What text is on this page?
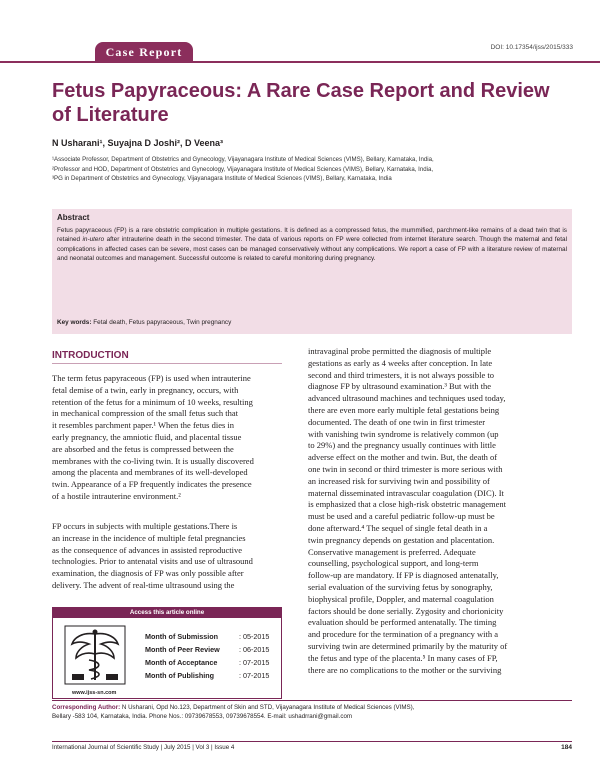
Case Report	DOI: 10.17354/ijss/2015/333
Fetus Papyraceous: A Rare Case Report and Review of Literature
N Usharani¹, Suyajna D Joshi², D Veena³
¹Associate Professor, Department of Obstetrics and Gynecology, Vijayanagara Institute of Medical Sciences (VIMS), Bellary, Karnataka, India,
²Professor and HOD, Department of Obstetrics and Gynecology, Vijayanagara Institute of Medical Sciences (VIMS), Bellary, Karnataka, India,
³PG in Department of Obstetrics and Gynecology, Vijayanagara Institute of Medical Sciences (VIMS), Bellary, Karnataka, India
Abstract
Fetus papyraceous (FP) is a rare obstetric complication in multiple gestations. It is defined as a compressed fetus, the mummified, parchment-like remains of a dead twin that is retained in-utero after intrauterine death in the second trimester. The data of various reports on FP were collected from internet literature search. Though the maternal and fetal complications in affected cases can be severe, most cases can be managed conservatively without any complications. We report a case of FP with a literature review of maternal and neonatal outcomes and management. Successful outcome is related to careful monitoring during pregnancy.
Key words: Fetal death, Fetus papyraceous, Twin pregnancy
INTRODUCTION
The term fetus papyraceous (FP) is used when intrauterine
fetal demise of a twin, early in pregnancy, occurs, with
retention of the fetus for a minimum of 10 weeks, resulting
in mechanical compression of the small fetus such that
it resembles parchment paper.¹ When the fetus dies in
early pregnancy, the amniotic fluid, and placental tissue
are absorbed and the fetus is compressed between the
membranes with the co-living twin. It is usually discovered
among the placenta and membranes of its well-developed
twin. Appearance of a FP frequently indicates the presence
of a hostile intrauterine environment.²
FP occurs in subjects with multiple gestations.There is
an increase in the incidence of multiple fetal pregnancies
as the consequence of advances in assisted reproductive
technologies. Prior to antenatal visits and use of ultrasound
examination, the diagnosis of FP was only possible after
delivery. The advent of real-time ultrasound using the
intravaginal probe permitted the diagnosis of multiple
gestations as early as 4 weeks after conception. In late
second and third trimesters, it is not always possible to
diagnose FP by ultrasound examination.³ But with the
advanced ultrasound machines and techniques used today,
there are even more early multiple fetal gestations being
documented. The death of one twin in first trimester
with vanishing twin syndrome is relatively common (up
to 29%) and the pregnancy usually continues with little
adverse effect on the mother and twin. But, the death of
one twin in second or third trimester is more serious with
an increased risk for surviving twin and possibility of
maternal disseminated intravascular coagulation (DIC). It
is emphasized that a close high-risk obstetric management
must be used and a careful pediatric follow-up must be
done afterward.⁴ The sequel of single fetal death in a
twin pregnancy depends on gestation and placentation.
Conservative management is preferred. Adequate
counselling, psychological support, and long-term
follow-up are mandatory. If FP is diagnosed antenatally,
serial evaluation of the surviving fetus by sonography,
biophysical profile, Doppler, and maternal coagulation
factors should be done serially. Zygosity and chorionicity
evaluation should be performed antenatally. The timing
and procedure for the termination of a pregnancy with a
surviving twin are determined primarily by the maturity of
the fetus and type of the placenta.⁵ In many cases of FP,
there are no complications to the mother or the surviving
Access this article online
www.ijss-sn.com
Month of Submission	: 05-2015
Month of Peer Review	: 06-2015
Month of Acceptance	: 07-2015
Month of Publishing	: 07-2015
Corresponding Author: N Usharani, Opd No.123, Department of Skin and STD, Vijayanagara Institute of Medical Sciences (VIMS),
Bellary -583 104, Karnataka, India. Phone Nos.: 09739678553, 09739678554. E-mail: ushadrrani@gmail.com
International Journal of Scientific Study | July 2015 | Vol 3 | Issue 4	184
